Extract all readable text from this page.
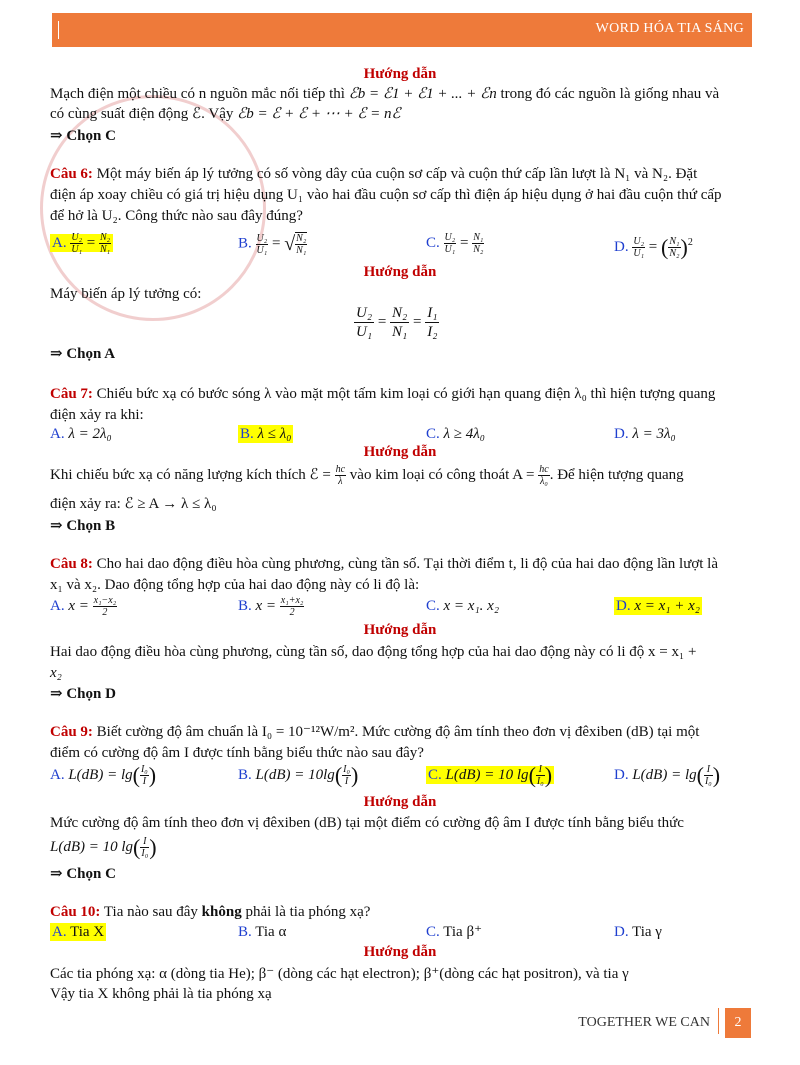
WORD HÓA TIA SÁNG
Hướng dẫn
Mạch điện một chiều có n nguồn mắc nối tiếp thì ℰb = ℰ1 + ℰ1 + ... + ℰn trong đó các nguồn là giống nhau và
có cùng suất điện động ℰ. Vậy ℰb = ℰ + ℰ + ⋯ + ℰ = nℰ
⇒ Chọn C
Câu 6: Một máy biến áp lý tưởng có số vòng dây của cuộn sơ cấp và cuộn thứ cấp lần lượt là N₁ và N₂. Đặt
điện áp xoay chiều có giá trị hiệu dụng U₁ vào hai đầu cuộn sơ cấp thì điện áp hiệu dụng ở hai đầu cuộn thứ cấp
để hở là U₂. Công thức nào sau đây đúng?
A. $\frac{\text{U₂}}{\text{U₁}} = \frac{\text{N₂}}{\text{N₁}}$	B. $\frac{\text{U₂}}{\text{U₁}}$ = √ $\frac{\text{N₂}}{\text{N₁}}$	C. $\frac{\text{U₂}}{\text{U₁}} = \frac{\text{N₁}}{\text{N₂}}$	D. $\frac{\text{U₂}}{\text{U₁}}$ = ( $\frac{\text{N₁}}{\text{N₂}} )^2$
Hướng dẫn
Máy biến áp lý tưởng có:
$\frac{\text{U₂}}{\text{U₁}} = \frac{\text{N₂}}{\text{N₁}} = \frac{\text{I₁}}{\text{I₂}}$
⇒ Chọn A
Câu 7: Chiếu bức xạ có bước sóng λ vào mặt một tấm kim loại có giới hạn quang điện λ₀ thì hiện tượng quang
điện xảy ra khi:
A. λ = 2λ₀	B. λ ≤ λ₀	C. λ ≥ 4λ₀	D. λ = 3λ₀
Hướng dẫn
Khi chiếu bức xạ có năng lượng kích thích ℰ = $\frac{hc}{\lambda}$ vào kim loại có công thoát $A = \frac{hc}{\text{λ₀}}$ . Để hiện tượng quang
điện xảy ra: ℰ ≥ A → λ ≤ λ₀
⇒ Chọn B
Câu 8: Cho hai dao động điều hòa cùng phương, cùng tần số. Tại thời điểm t, li độ của hai dao động lần lượt là
x₁ và x₂. Dao động tổng hợp của hai dao động này có li độ là:
A. $x = \frac{\text{x₁−x₂}}{2}$	B. $x = \frac{\text{x₁+x₂}}{2}$	C. x = x₁. x₂	D. x = x₁ + x₂
Hướng dẫn
Hai dao động điều hòa cùng phương, cùng tần số, dao động tổng hợp của hai dao động này có li độ x = x₁ +
x₂
⇒ Chọn D
Câu 9: Biết cường độ âm chuẩn là I₀ = 10⁻¹²W/m². Mức cường độ âm tính theo đơn vị đêxiben (dB) tại một
điểm có cường độ âm I được tính bằng biểu thức nào sau đây?
A. $L(dB) = \lg( \frac{\text{I₀}}{I}$ )	B. $L(dB) = 10\lg( \frac{\text{I₀}}{I}$ )	C. L(dB) = 10 $\lg( \frac{I}{\text{I₀}}$ )	D. $L(dB) = \lg( \frac{I}{\text{I₀}}$ )
Hướng dẫn
Mức cường độ âm tính theo đơn vị đêxiben (dB) tại một điểm có cường độ âm I được tính bằng biểu thức
L(dB) = 10 $\lg( \frac{I}{\text{I₀}}$ )
⇒ Chọn C
Câu 10: Tia nào sau đây không phải là tia phóng xạ?
A. Tia X	B. Tia α	C. Tia β⁺	D. Tia γ
Hướng dẫn
Các tia phóng xạ: α (dòng tia He); β⁻ (dòng các hạt electron); β⁺(dòng các hạt positron), và tia γ
Vậy tia X không phải là tia phóng xạ
TOGETHER WE CAN	2
